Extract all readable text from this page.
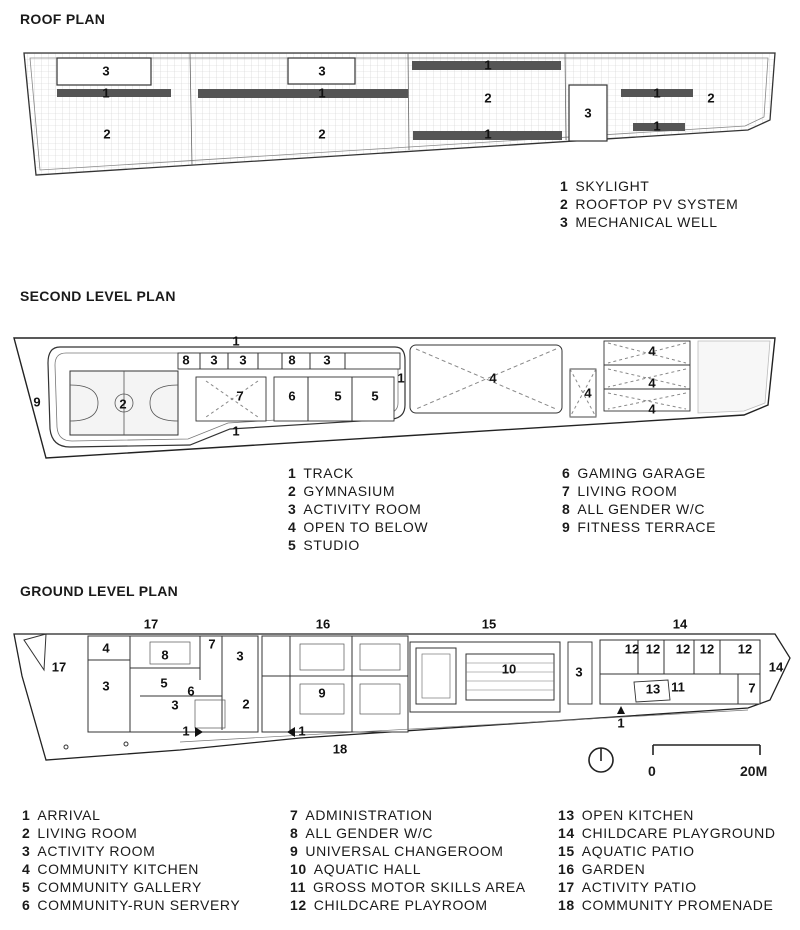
ROOF PLAN
3
1
2
3
1
2
1
2
1
3
1	2
1
1 SKYLIGHT
2 ROOFTOP PV SYSTEM
3 MECHANICAL WELL
SECOND LEVEL PLAN
1
9	2
8 3 3	8 3
1
7	6	5 5
1
4
4
4
4
4
1 TRACK
2 GYMNASIUM
3 ACTIVITY ROOM
4 OPEN TO BELOW
5 STUDIO
6 GAMING GARAGE
7 LIVING ROOM
8 ALL GENDER W/C
9 FITNESS TERRACE
GROUND LEVEL PLAN
17	16	15	14
14
4
17
3
8
7
3
5
6
3	2
9
10	3
12 12 12 12 12
13 11	7
1	1
1
18
0	20M
1 ARRIVAL
2 LIVING ROOM
3 ACTIVITY ROOM
4 COMMUNITY KITCHEN
5 COMMUNITY GALLERY
6 COMMUNITY-RUN SERVERY
7 ADMINISTRATION
8 ALL GENDER W/C
9 UNIVERSAL CHANGEROOM
10 AQUATIC HALL
11 GROSS MOTOR SKILLS AREA
12 CHILDCARE PLAYROOM
13 OPEN KITCHEN
14 CHILDCARE PLAYGROUND
15 AQUATIC PATIO
16 GARDEN
17 ACTIVITY PATIO
18 COMMUNITY PROMENADE
